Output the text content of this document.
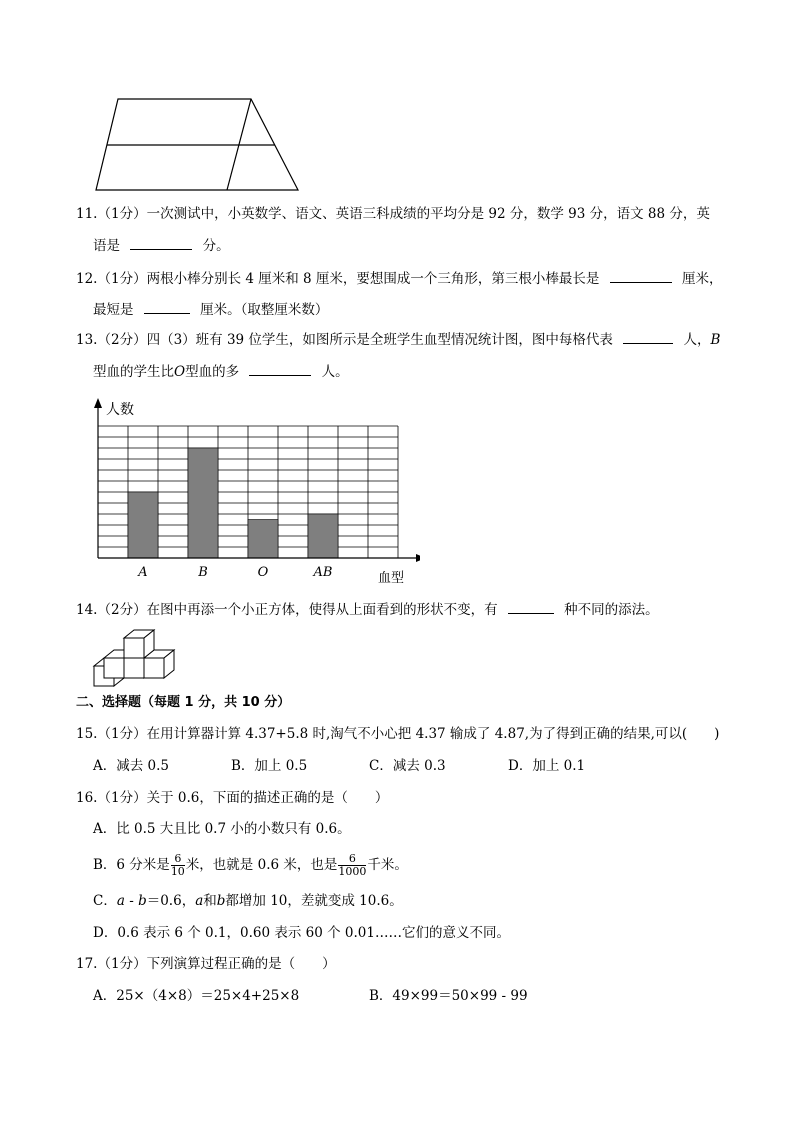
11.（1分）一次测试中，小英数学、语文、英语三科成绩的平均分是 92 分，数学 93 分，语文 88 分，英
语是	分。
12.（1分）两根小棒分别长 4 厘米和 8 厘米，要想围成一个三角形，第三根小棒最长是	厘米，
最短是	厘米。（取整厘米数）
13.（2分）四（3）班有 39 位学生，如图所示是全班学生血型情况统计图，图中每格代表	人，B
型血的学生比O型血的多	人。
A	B	O	AB
人数
血型
14.（2分）在图中再添一个小正方体，使得从上面看到的形状不变，有	种不同的添法。
二、选择题（每题 1 分，共 10 分）
15.（1分）在用计算器计算 4.37+5.8 时,淘气不小心把 4.37 输成了 4.87,为了得到正确的结果,可以(　　)
A．减去 0.5	B．加上 0.5	C．减去 0.3	D．加上 0.1
16.（1分）关于 0.6，下面的描述正确的是（　　）
A．比 0.5 大且比 0.7 小的小数只有 0.6。
B．6 分米是 $\frac{6}{10}$ 米，也就是 0.6 米，也是 $\frac{6}{1000}$ 千米。
C．a - b＝0.6，a和b都增加 10，差就变成 10.6。
D．0.6 表示 6 个 0.1，0.60 表示 60 个 0.01……它们的意义不同。
17.（1分）下列演算过程正确的是（　　）
A．25×（4×8）＝25×4+25×8	B．49×99＝50×99 - 99
